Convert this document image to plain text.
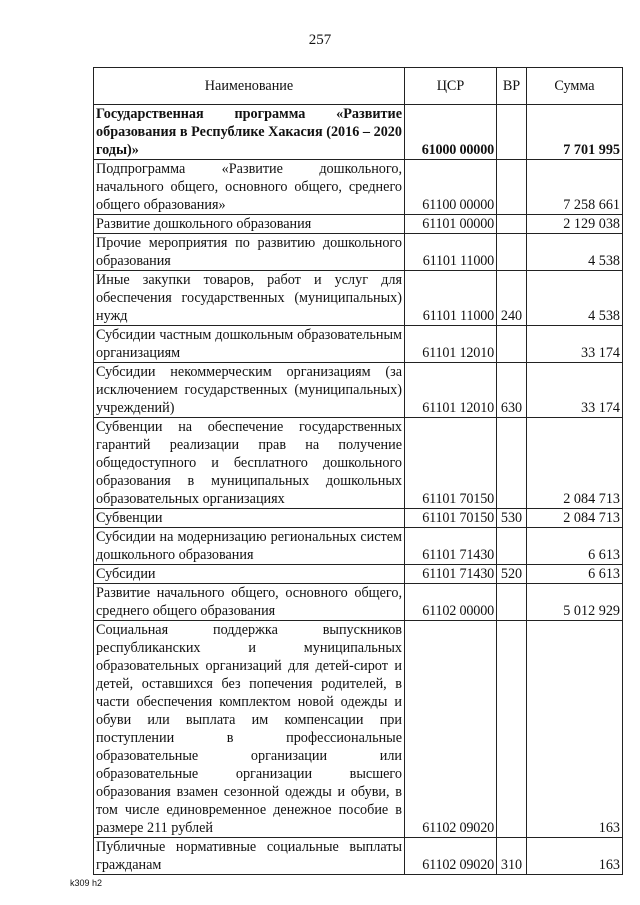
257
Наименование	ЦСР	ВР	Сумма
Государственная программа «Развитие образования в Республике Хакасия (2016 – 2020 годы)»	61000 00000		7 701 995
Подпрограмма «Развитие дошкольного, начального общего, основного общего, среднего общего образования»	61100 00000		7 258 661
Развитие дошкольного образования	61101 00000		2 129 038
Прочие мероприятия по развитию дошкольного образования	61101 11000		4 538
Иные закупки товаров, работ и услуг для обеспечения государственных (муниципальных) нужд	61101 11000	240	4 538
Субсидии частным дошкольным образовательным организациям	61101 12010		33 174
Субсидии некоммерческим организациям (за исключением государственных (муниципальных) учреждений)	61101 12010	630	33 174
Субвенции на обеспечение государственных гарантий реализации прав на получение общедоступного и бесплатного дошкольного образования в муниципальных дошкольных образовательных организациях	61101 70150		2 084 713
Субвенции	61101 70150	530	2 084 713
Субсидии на модернизацию региональных систем дошкольного образования	61101 71430		6 613
Субсидии	61101 71430	520	6 613
Развитие начального общего, основного общего, среднего общего образования	61102 00000		5 012 929
Социальная поддержка выпускников республиканских и муниципальных образовательных организаций для детей-сирот и детей, оставшихся без попечения родителей, в части обеспечения комплектом новой одежды и обуви или выплата им компенсации при поступлении в профессиональные образовательные организации или образовательные организации высшего образования взамен сезонной одежды и обуви, в том числе единовременное денежное пособие в размере 211 рублей	61102 09020		163
Публичные нормативные социальные выплаты гражданам	61102 09020	310	163
k309 h2
